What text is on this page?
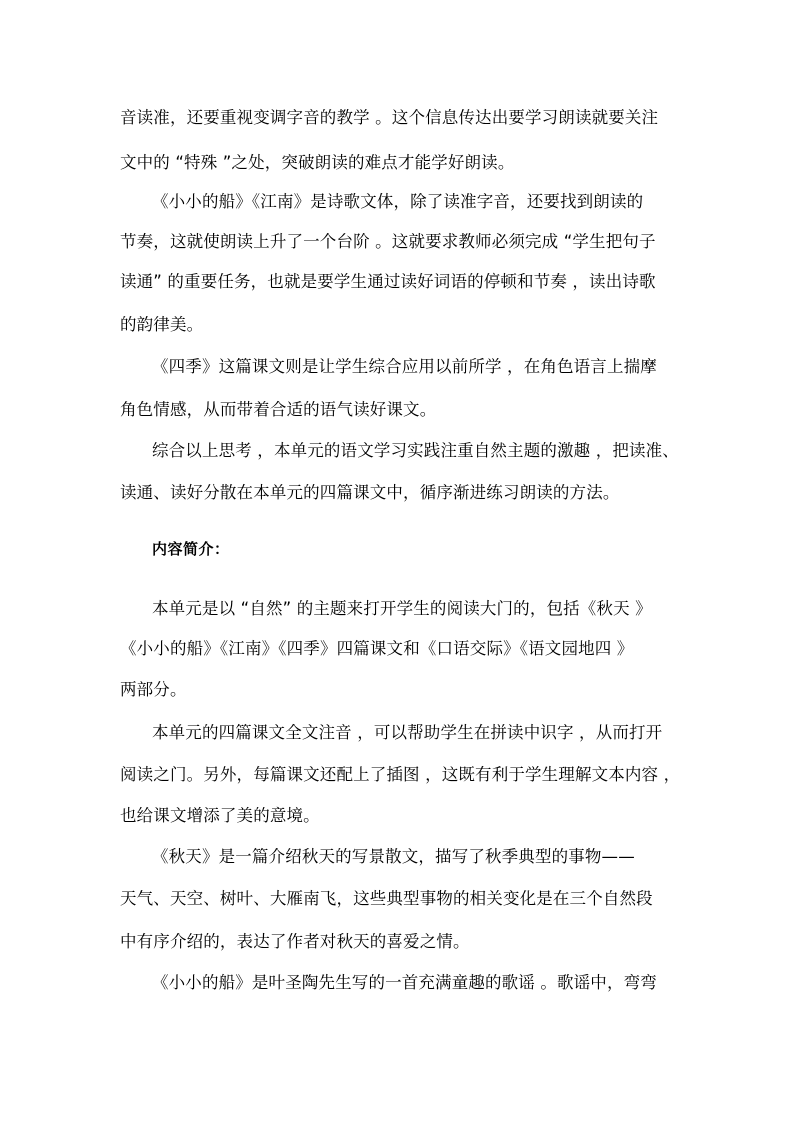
音读准，还要重视变调字音的教学 。这个信息传达出要学习朗读就要关注
文中的 “特殊 ”之处，突破朗读的难点才能学好朗读。
《小小的船》《江南》是诗歌文体，除了读准字音，还要找到朗读的
节奏，这就使朗读上升了一个台阶 。这就要求教师必须完成 “学生把句子
读通” 的重要任务，也就是要学生通过读好词语的停顿和节奏 ，读出诗歌
的韵律美。
《四季》这篇课文则是让学生综合应用以前所学 ，在角色语言上揣摩
角色情感，从而带着合适的语气读好课文。
综合以上思考 ，本单元的语文学习实践注重自然主题的激趣 ，把读准、
读通、读好分散在本单元的四篇课文中，循序渐进练习朗读的方法。
内容简介：
本单元是以 “自然” 的主题来打开学生的阅读大门的，包括《秋天 》
《小小的船》《江南》《四季》四篇课文和《口语交际》《语文园地四 》
两部分。
本单元的四篇课文全文注音 ，可以帮助学生在拼读中识字 ，从而打开
阅读之门。另外，每篇课文还配上了插图 ，这既有利于学生理解文本内容 ，
也给课文增添了美的意境。
《秋天》是一篇介绍秋天的写景散文，描写了秋季典型的事物——
天气、天空、树叶、大雁南飞，这些典型事物的相关变化是在三个自然段
中有序介绍的，表达了作者对秋天的喜爱之情。
《小小的船》是叶圣陶先生写的一首充满童趣的歌谣 。歌谣中，弯弯
